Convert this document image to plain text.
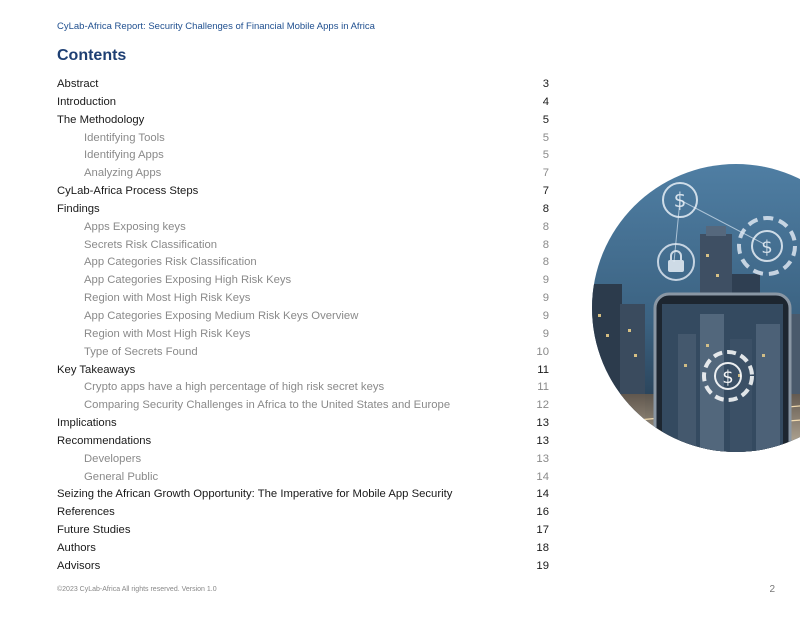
CyLab-Africa Report: Security Challenges of Financial Mobile Apps in Africa
Contents
Abstract	3
Introduction	4
The Methodology	5
Identifying Tools	5
Identifying Apps	5
Analyzing Apps	7
CyLab-Africa Process Steps	7
Findings	8
Apps Exposing keys	8
Secrets Risk Classification	8
App Categories Risk Classification	8
App Categories Exposing High Risk Keys	9
Region with Most High Risk Keys	9
App Categories Exposing Medium Risk Keys Overview	9
Region with Most High Risk Keys	9
Type of Secrets Found	10
Key Takeaways	11
Crypto apps have a high percentage of high risk secret keys	11
Comparing Security Challenges in Africa to the United States and Europe	12
Implications	13
Recommendations	13
Developers	13
General Public	14
Seizing the African Growth Opportunity: The Imperative for Mobile App Security	14
References	16
Future Studies	17
Authors	18
Advisors	19
$
$
$
©2023 CyLab-Africa All rights reserved. Version 1.0	2
